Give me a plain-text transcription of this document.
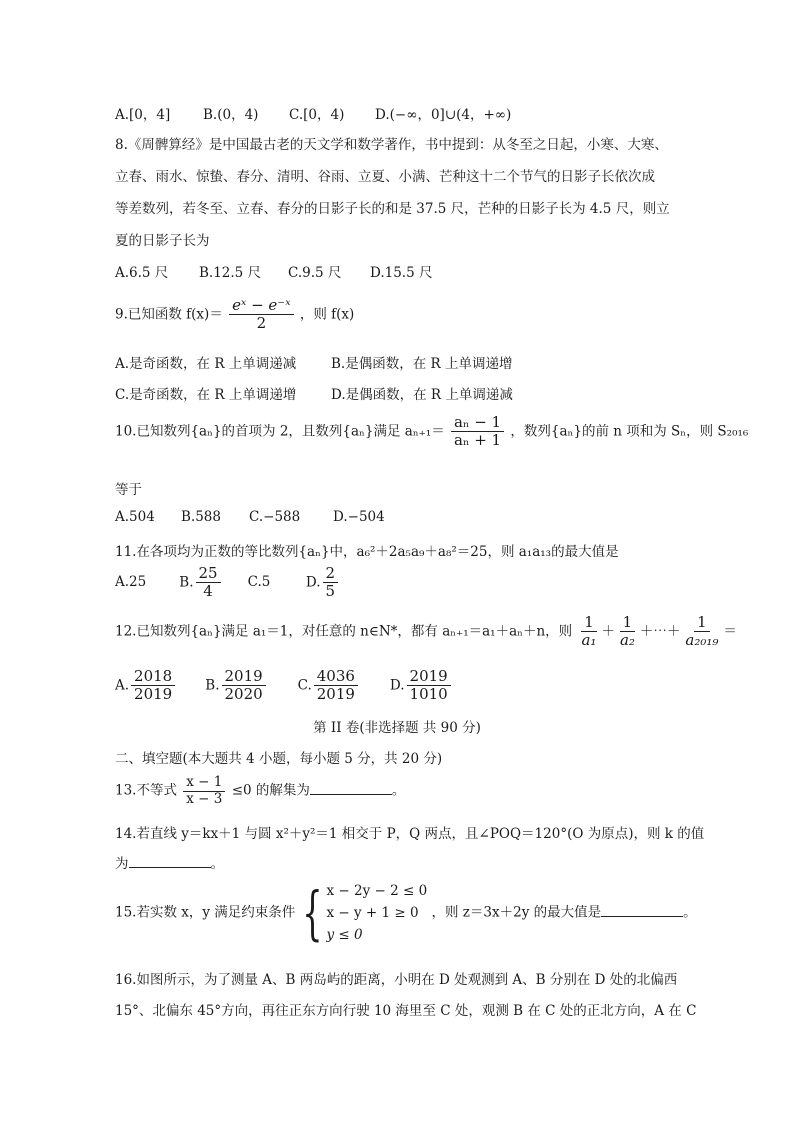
A.[0，4] B.(0，4) C.[0，4) D.(−∞，0]∪(4，+∞)
8.《周髀算经》是中国最古老的天文学和数学著作，书中提到：从冬至之日起，小寒、大寒、
立春、雨水、惊蛰、春分、清明、谷雨、立夏、小满、芒种这十二个节气的日影子长依次成
等差数列，若冬至、立春、春分的日影子长的和是 37.5 尺，芒种的日影子长为 4.5 尺，则立
夏的日影子长为
A.6.5 尺 B.12.5 尺 C.9.5 尺 D.15.5 尺
9.已知函数 $f(x)= \frac{\text{eˣ − e⁻ˣ}}{2}$ ，则 f(x)
A.是奇函数，在 R 上单调递减	B.是偶函数，在 R 上单调递增
C.是奇函数，在 R 上单调递增	D.是偶函数，在 R 上单调递减
10.已知数列{aₙ}的首项为 2，且数列{aₙ}满足 $a_{n+1}= \frac{\text{aₙ − 1}}{\text{aₙ + 1}}$ ，数列{aₙ}的前 n 项和为 Sₙ，则 S₂₀₁₆
等于
A.504 B.588 C.−588 D.−504
11.在各项均为正数的等比数列{aₙ}中，a₆²＋2a₅a₉＋a₈²＝25，则 a₁a₁₃的最大值是
A.25 B. $\frac{25}{4} C.5$	D. $\frac{2}{5}$
12.已知数列{aₙ}满足 a₁＝1，对任意的 n∈N*，都有 aₙ₊₁＝a₁＋aₙ＋n，则 $\frac{1}{\text{a₁}} + \frac{1}{\text{a₂}}$ ＋⋯＋ $\frac{1}{\text{a₂₀₁₉}}$ ＝
A. $\frac{2018}{2019} B$. $\frac{2019}{2020} C$. $\frac{4036}{2019} D$. $\frac{2019}{1010}$
第 II 卷(非选择题 共 90 分)
二、填空题(本大题共 4 小题，每小题 5 分，共 20 分)
13.不等式 $\frac{x - 1}{x - 3} \le 0$ 的解集为	。
14.若直线 y＝kx＋1 与圆 x²＋y²＝1 相交于 P，Q 两点，且∠POQ＝120°(O 为原点)，则 k 的值
为	。
15.若实数 x，y 满足约束条件 { x − 2y − 2 ≤ 0
x − y + 1 ≥ 0
y ≤ 0
，则 z＝3x＋2y 的最大值是	。
16.如图所示，为了测量 A、B 两岛屿的距离，小明在 D 处观测到 A、B 分别在 D 处的北偏西
15°、北偏东 45°方向，再往正东方向行驶 10 海里至 C 处，观测 B 在 C 处的正北方向，A 在 C
